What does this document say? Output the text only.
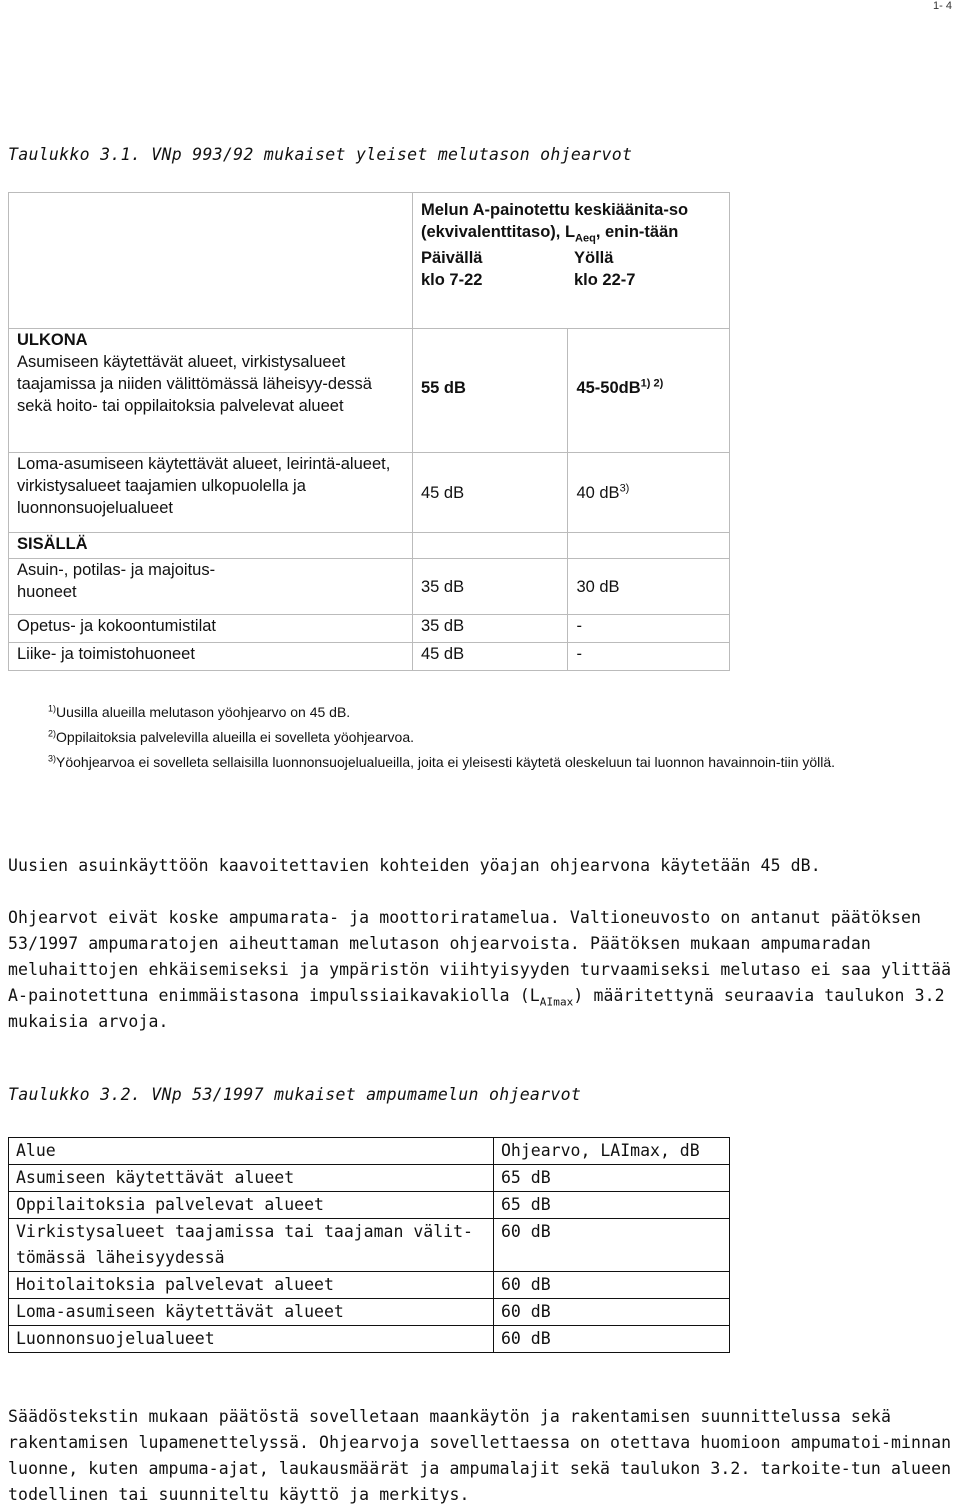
1- 4
Taulukko 3.1. VNp 993/92 mukaiset yleiset melutason ohjearvot

	Melun A-painotettu keskiäänita-so (ekvivalenttitaso), $L_{Aeq}$, enin-tään
Päivällä
klo 7-22
Yöllä
klo 22-7	

ULKONA
Asumiseen käytettävät alueet, virkistysalueet taajamissa ja niiden välittömässä läheisyy-dessä sekä hoito- tai oppilaitoksia palvelevat alueet	55 dB	$45-50dB^{1) 2)}$
Loma-asumiseen käytettävät alueet, leirintä-alueet, virkistysalueet taajamien ulkopuolella ja luonnonsuojelualueet	45 dB	40 $dB^{3)}$
SISÄLLÄ		

Asuin-, potilas- ja majoitus-huoneet	35 dB	30 dB
Opetus- ja kokoontumistilat	35 dB	-
Liike- ja toimistohuoneet	45 dB	-
$^{1)}$Uusilla alueilla melutason yöohjearvo on 45 dB.
$^{2)}$Oppilaitoksia palvelevilla alueilla ei sovelleta yöohjearvoa.
$^{3)}$Yöohjearvoa ei sovelleta sellaisilla luonnonsuojelualueilla, joita ei yleisesti käytetä oleskeluun tai luonnon havainnoin-tiin yöllä.
Uusien asuinkäyttöön kaavoitettavien kohteiden yöajan ohjearvona käytetään 45 dB.
Ohjearvot eivät koske ampumarata- ja moottoriratamelua. Valtioneuvosto on antanut päätöksen 53/1997 ampumaratojen aiheuttaman melutason ohjearvoista. Päätöksen mukaan ampumaradan meluhaittojen ehkäisemiseksi ja ympäristön viihtyisyyden turvaamiseksi melutaso ei saa ylittää A-painotettuna enimmäistasona impulssiaikavakiolla $(L_{AImax})$ määritettynä seuraavia taulukon 3.2 mukaisia arvoja.
Taulukko 3.2. VNp 53/1997 mukaiset ampumamelun ohjearvot
Alue	Ohjearvo, LAImax, dB
Asumiseen käytettävät alueet	65 dB
Oppilaitoksia palvelevat alueet	65 dB
Virkistysalueet taajamissa tai taajaman välit-tömässä läheisyydessä	60 dB
Hoitolaitoksia palvelevat alueet	60 dB
Loma-asumiseen käytettävät alueet	60 dB
Luonnonsuojelualueet	60 dB
Säädöstekstin mukaan päätöstä sovelletaan maankäytön ja rakentamisen suunnittelussa sekä rakentamisen lupamenettelyssä. Ohjearvoja sovellettaessa on otettava huomioon ampumatoi-minnan luonne, kuten ampuma-ajat, laukausmäärät ja ampumalajit sekä taulukon 3.2. tarkoite-tun alueen todellinen tai suunniteltu käyttö ja merkitys.
